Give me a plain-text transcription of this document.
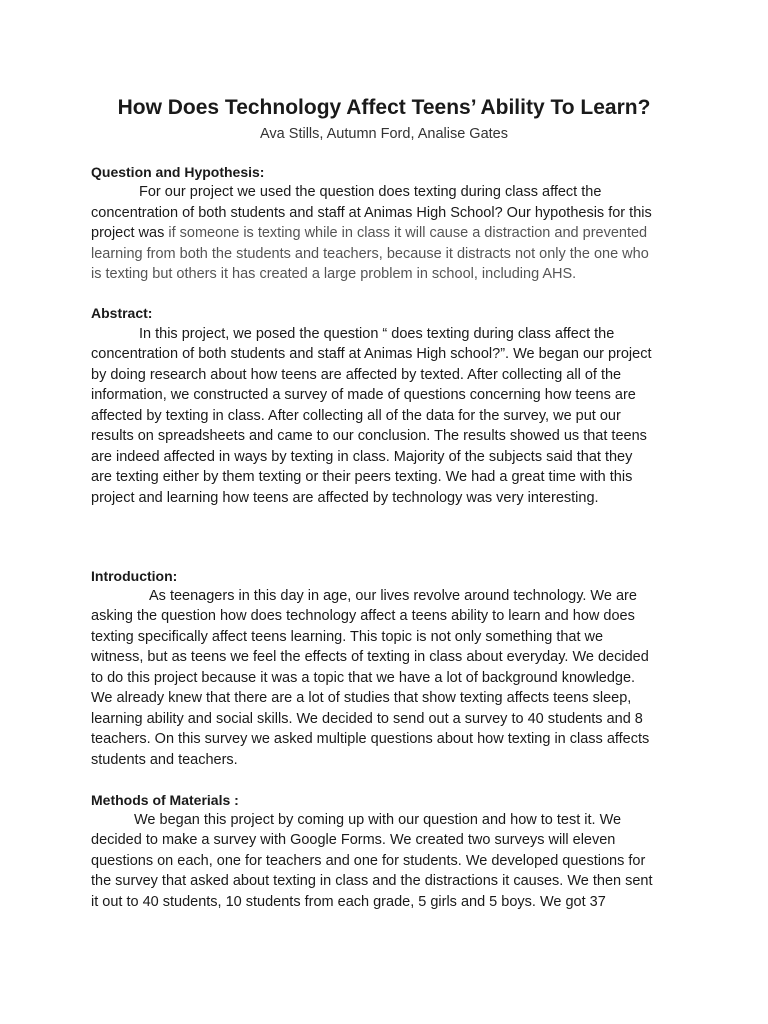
How Does Technology Affect Teens’ Ability To Learn?
Ava Stills, Autumn Ford, Analise Gates
Question and Hypothesis:
For our project we used the question does texting during class affect the
concentration of both students and staff at Animas High School? Our hypothesis for this
project was if someone is texting while in class it will cause a distraction and prevented
learning from both the students and teachers, because it distracts not only the one who
is texting but others it has created a large problem in school, including AHS.
Abstract:
In this project, we posed the question “ does texting during class affect the
concentration of both students and staff at Animas High school?”. We began our project
by doing research about how teens are affected by texted. After collecting all of the
information, we constructed a survey of made of questions concerning how teens are
affected by texting in class. After collecting all of the data for the survey, we put our
results on spreadsheets and came to our conclusion. The results showed us that teens
are indeed affected in ways by texting in class. Majority of the subjects said that they
are texting either by them texting or their peers texting. We had a great time with this
project and learning how teens are affected by technology was very interesting.
Introduction:
As teenagers in this day in age, our lives revolve around technology. We are
asking the question how does technology affect a teens ability to learn and how does
texting specifically affect teens learning. This topic is not only something that we
witness, but as teens we feel the effects of texting in class about everyday. We decided
to do this project because it was a topic that we have a lot of background knowledge.
We already knew that there are a lot of studies that show texting affects teens sleep,
learning ability and social skills. We decided to send out a survey to 40 students and 8
teachers. On this survey we asked multiple questions about how texting in class affects
students and teachers.
Methods of Materials :
We began this project by coming up with our question and how to test it. We
decided to make a survey with Google Forms. We created two surveys will eleven
questions on each, one for teachers and one for students. We developed questions for
the survey that asked about texting in class and the distractions it causes. We then sent
it out to 40 students, 10 students from each grade, 5 girls and 5 boys. We got 37
